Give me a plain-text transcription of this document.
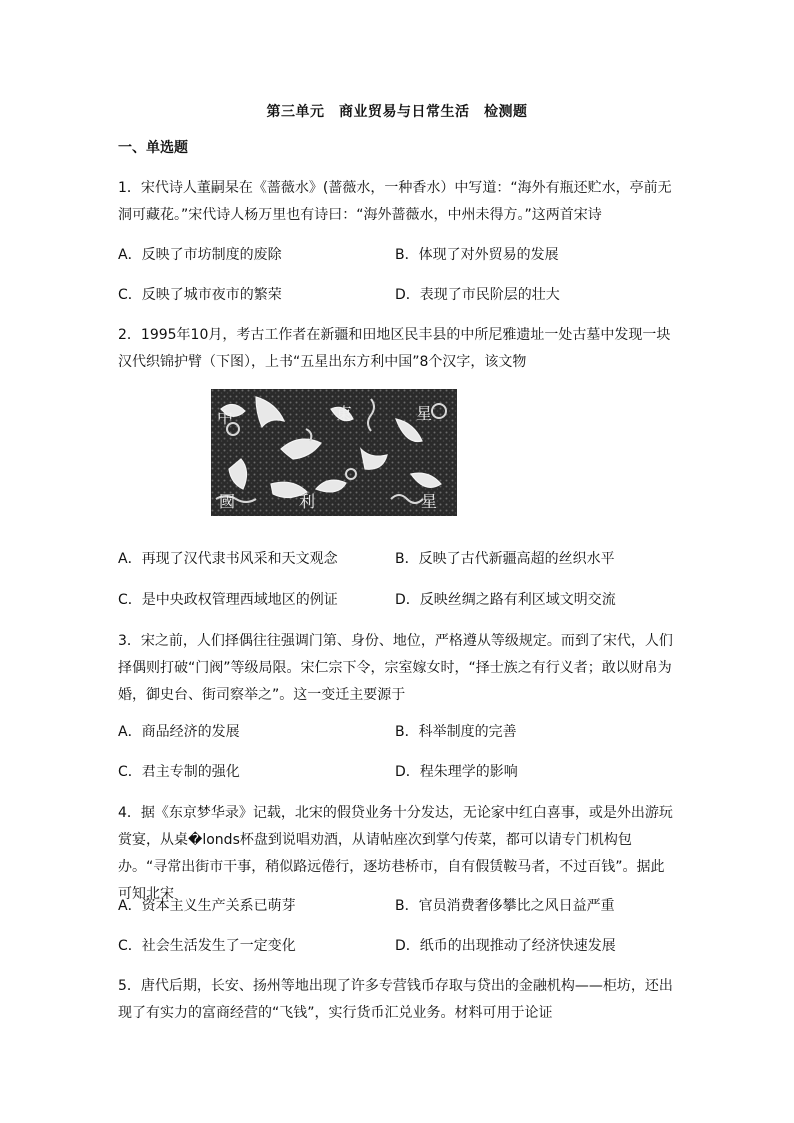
第三单元　商业贸易与日常生活　检测题
一、单选题
1．宋代诗人董嗣杲在《蔷薇水》(蔷薇水，一种香水）中写道：“海外有瓶还贮水，亭前无洞可藏花。”宋代诗人杨万里也有诗曰：“海外蔷薇水，中州未得方。”这两首宋诗
A．反映了市坊制度的废除	B．体现了对外贸易的发展
C．反映了城市夜市的繁荣	D．表现了市民阶层的壮大
2．1995年10月，考古工作者在新疆和田地区民丰县的中所尼雅遗址一处古墓中发现一块汉代织锦护臂（下图），上书“五星出东方利中国”8个汉字，该文物
中	東	星
國	利	星
A．再现了汉代隶书风采和天文观念	B．反映了古代新疆高超的丝织水平
C．是中央政权管理西域地区的例证	D．反映丝绸之路有利区域文明交流
3．宋之前，人们择偶往往强调门第、身份、地位，严格遵从等级规定。而到了宋代，人们择偶则打破“门阀”等级局限。宋仁宗下令，宗室嫁女时，“择士族之有行义者；敢以财帛为婚，御史台、街司察举之”。这一变迁主要源于
A．商品经济的发展	B．科举制度的完善
C．君主专制的强化	D．程朱理学的影响
4．据《东京梦华录》记载，北宋的假贷业务十分发达，无论家中红白喜事，或是外出游玩赏宴，从桌�londs杯盘到说唱劝酒，从请帖座次到掌勺传菜，都可以请专门机构包办。“寻常出街市干事，稍似路远倦行，逐坊巷桥市，自有假赁鞍马者，不过百钱”。据此可知北宋
A．资本主义生产关系已萌芽	B．官员消费奢侈攀比之风日益严重
C．社会生活发生了一定变化	D．纸币的出现推动了经济快速发展
5．唐代后期，长安、扬州等地出现了许多专营钱币存取与贷出的金融机构——柜坊，还出现了有实力的富商经营的“飞钱”，实行货币汇兑业务。材料可用于论证
